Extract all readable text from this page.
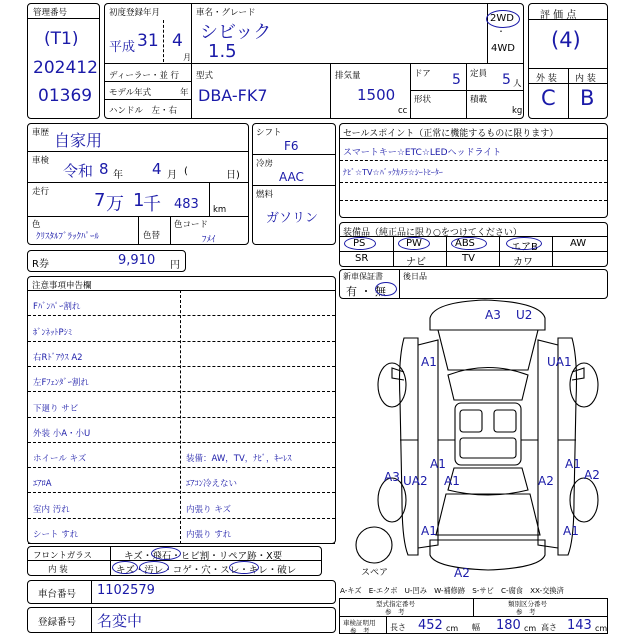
管理番号
(T1)
202412
01369
初度登録年月
平成 31 4
月
車名・グレード
シビック
1.5
2WD
・
4WD
ディーラー・並 行
モデル年式	年
ハンドル　左・右
型式
DBA-FK7
排気量
1500
cc
ドア 5 定員 5 人
形状	積載
kg
評 価 点
(4)
外 装 内 装
C B
車歴 自家用
車検
令和 8 年 4 月 (	日)
走行 7 万 1
千 483 km
色
ｸﾘｽﾀﾙﾌﾞﾗｯｸﾊﾟｰﾙ	色替
色コード
ﾌﾒｲ
シフト
F6
冷房
AAC
燃料
ガソリン
セールスポイント（正常に機能するものに限ります）
スマートキー☆ETC☆LEDヘッドライト
ﾅﾋﾞ☆TV☆ﾊﾞｯｸｶﾒﾗ☆ｼｰﾄﾋｰﾀｰ
装備品（純正品に限り○をつけてください）
PS	PW	ABS	エアB	AW
SR	ナビ	TV	カワ
R券	9,910 円
新車保証書
有 ・ 無
後日品
注意事項申告欄
Fﾊﾞﾝﾊﾟｰ割れ
ﾎﾞﾝﾈｯﾄPｼﾐ
右Rﾄﾞｱｳｽ A2
左Fﾌｪﾝﾀﾞｰ割れ
下廻り サビ
外装 小A・小U
ホイール キズ	装備：AW，TV，ﾅﾋﾞ，ｷｰﾚｽ
ｴｱﾛA	ｴｱｺﾝ冷えない
室内 汚れ	内張り キズ
シート すれ	内張り すれ
フロントガラス	キズ・飛石・ヒビ割・リペア跡・X要
内 装	キズ・汚レ・コゲ・穴・スレ・キレ・破レ
車台番号 1102579
登録番号 名変中
A3 U2
A1	UA1
A1	A1
A3 UA2 A1	A2	A2
A1	A1
A2
スペア
A-キズ　E-エクボ　U-凹み　W-補修跡　S-サビ　C-腐食　XX-交換済
型式指定番号
参　考
類別区分番号
参　考
車検証明用
参　考	長さ 452 cm 幅 180 cm 高さ 143 cm
